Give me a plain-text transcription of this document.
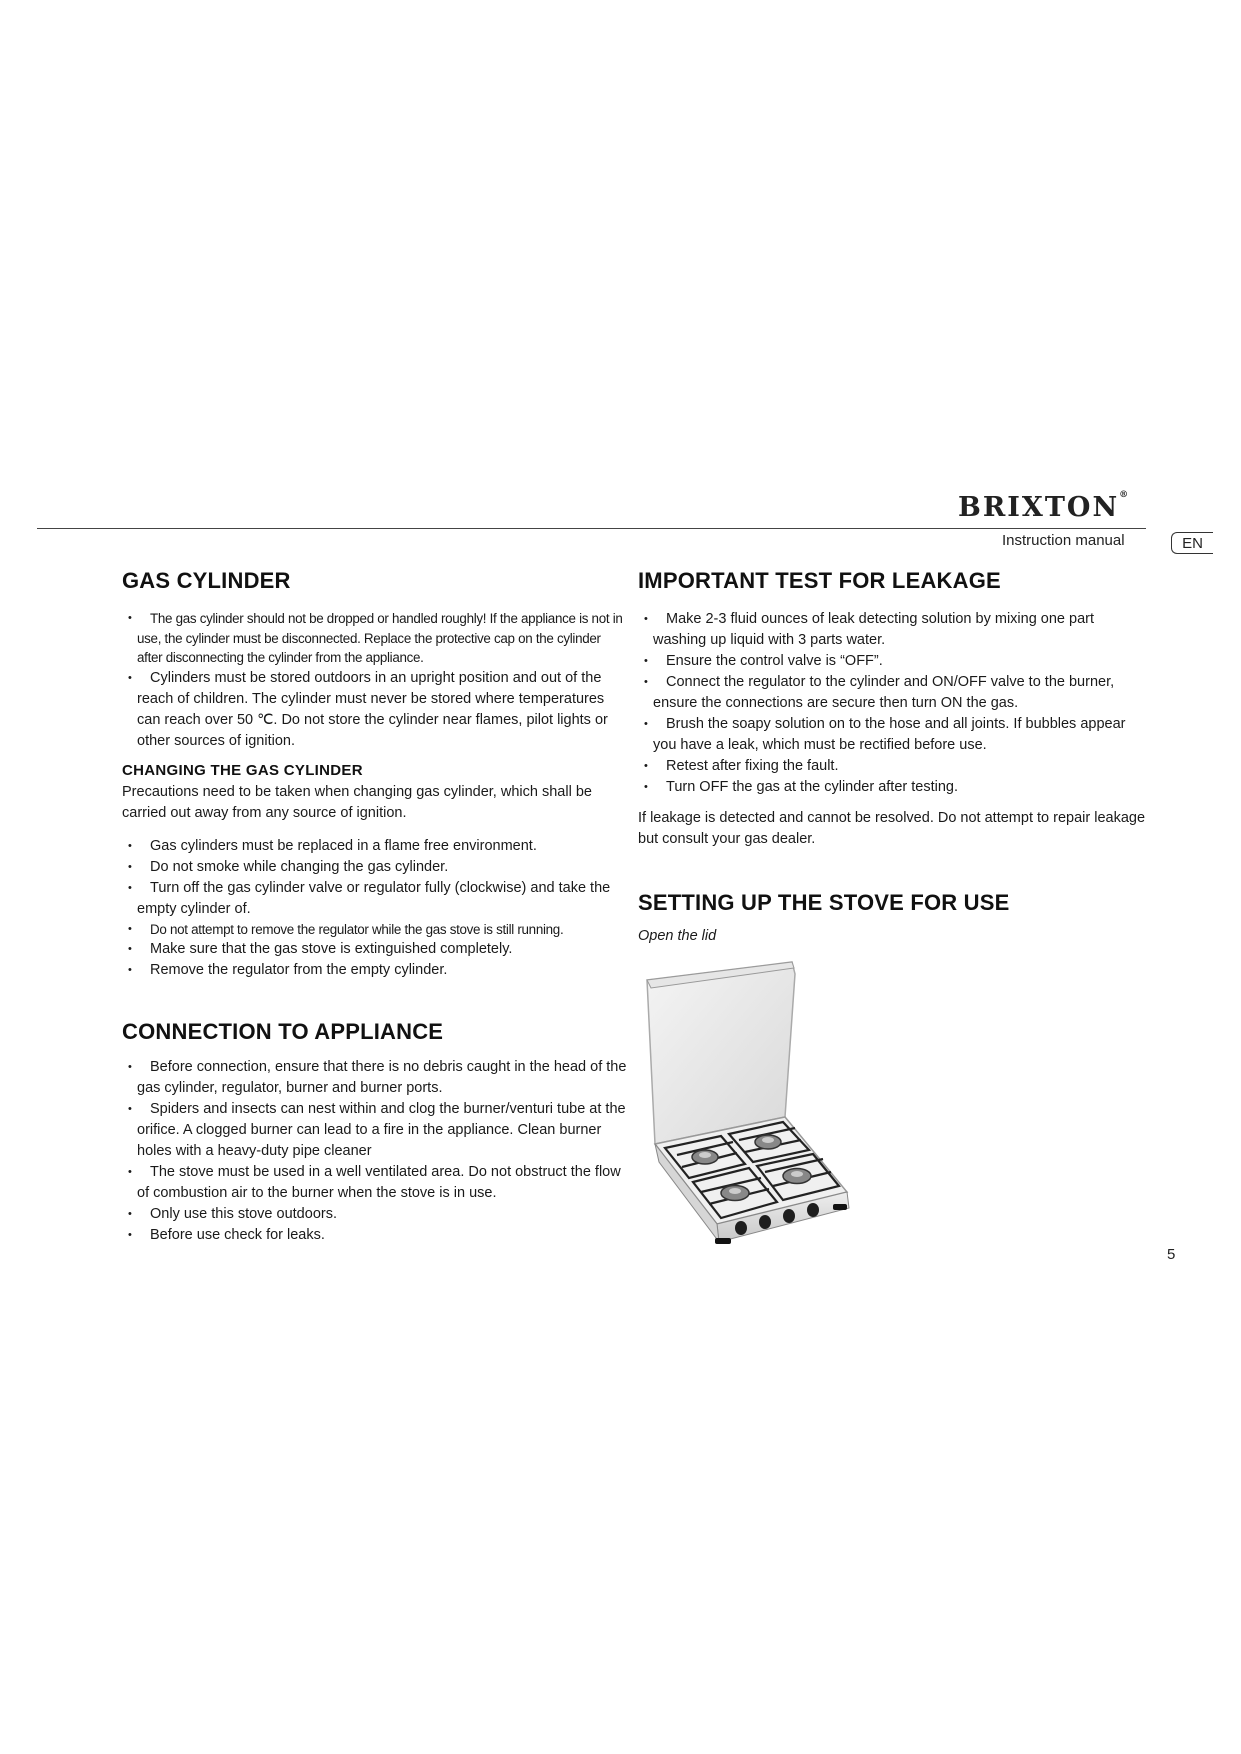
BRIXTON®
Instruction manual	EN
GAS CYLINDER
• The gas cylinder should not be dropped or handled roughly! If the appliance is not in use, the cylinder must be disconnected. Replace the protective cap on the cylinder after disconnecting the cylinder from the appliance.
• Cylinders must be stored outdoors in an upright position and out of the reach of children. The cylinder must never be stored where temperatures can reach over 50 ℃. Do not store the cylinder near flames, pilot lights or other sources of ignition.
CHANGING THE GAS CYLINDER

Precautions need to be taken when changing gas cylinder, which shall be carried out away from any source of ignition.

• Gas cylinders must be replaced in a flame free environment.
• Do not smoke while changing the gas cylinder.
• Turn off the gas cylinder valve or regulator fully (clockwise) and take the empty cylinder of.
• Do not attempt to remove the regulator while the gas stove is still running.
• Make sure that the gas stove is extinguished completely.
• Remove the regulator from the empty cylinder.
CONNECTION TO APPLIANCE
• Before connection, ensure that there is no debris caught in the head of the gas cylinder, regulator, burner and burner ports.
• Spiders and insects can nest within and clog the burner/venturi tube at the orifice. A clogged burner can lead to a fire in the appliance. Clean burner holes with a heavy-duty pipe cleaner
• The stove must be used in a well ventilated area. Do not obstruct the flow of combustion air to the burner when the stove is in use.
• Only use this stove outdoors.
• Before use check for leaks.
IMPORTANT TEST FOR LEAKAGE
• Make 2-3 fluid ounces of leak detecting solution by mixing one part washing up liquid with 3 parts water.
• Ensure the control valve is “OFF”.
• Connect the regulator to the cylinder and ON/OFF valve to the burner, ensure the connections are secure then turn ON the gas.
• Brush the soapy solution on to the hose and all joints. If bubbles appear you have a leak, which must be rectified before use.
• Retest after fixing the fault.
• Turn OFF the gas at the cylinder after testing.

If leakage is detected and cannot be resolved. Do not attempt to repair leakage but consult your gas dealer.

SETTING UP THE STOVE FOR USE
Open the lid
5
